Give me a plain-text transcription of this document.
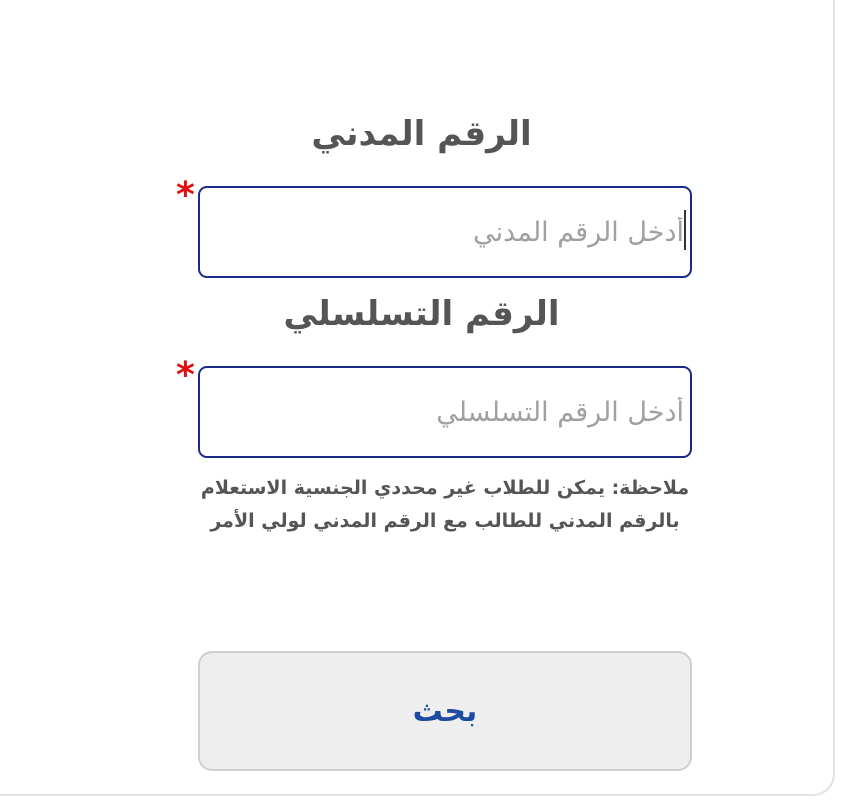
الرقم المدني
*
أدخل الرقم المدني
الرقم التسلسلي
*
أدخل الرقم التسلسلي
ملاحظة: يمكن للطلاب غير محددي الجنسية الاستعلام بالرقم المدني للطالب مع الرقم المدني لولي الأمر
بحث
